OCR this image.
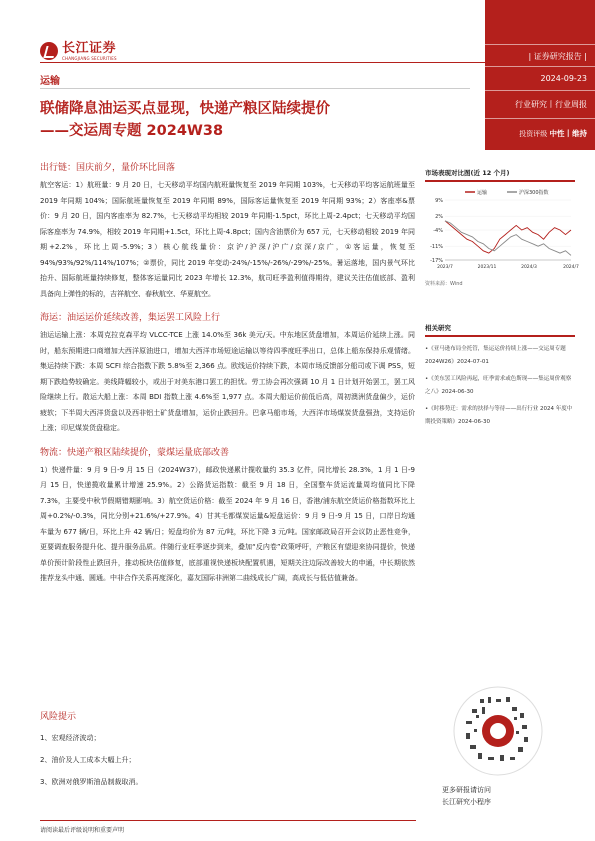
长江证券
CHANGJIANG SECURITIES
运输
联储降息油运买点显现，快递产粮区陆续提价
——交运周专题 2024W38
| 证券研究报告 |
2024-09-23
行业研究丨行业周报
投资评级 中性丨维持
出行链：国庆前夕，量价环比回落

航空客运：1）航班量：9 月 20 日，七天移动平均国内航班量恢复至 2019 年同期 103%，七天移动平均客运航班量至 2019 年同期 104%；国际航班量恢复至 2019 年同期 89%，国际客运量恢复至 2019 年同期 93%；2）客座率&票价：9 月 20 日，国内客座率为 82.7%，七天移动平均相较 2019 年同期-1.5pct，环比上周-2.4pct；七天移动平均国际客座率为 74.9%，相较 2019 年同期+1.5ct，环比上周-4.8pct；国内含油票价为 657 元，七天移动相较 2019 年同期+2.2%，环比上周-5.9%；3）核心航线量价：京沪/沪深/沪广/京深/京广，①客运量，恢复至 94%/93%/92%/114%/107%；②票价，同比 2019 年变动-24%/-15%/-26%/-29%/-25%。暑运落地，国内景气环比抬升、国际航班量持续修复，整体客运量同比 2023 年增长 12.3%，航司旺季盈利值得期待，建议关注估值底部、盈利具备向上弹性的标的，吉祥航空、春秋航空、华夏航空。

海运：油运运价延续改善，集运罢工风险上行

油运运输上涨：本周克拉克森平均 VLCC-TCE 上涨 14.0%至 36k 美元/天。中东地区货盘增加，本周运价延续上涨。同时，船东预期进口商增加大西洋原油进口，增加大西洋市场短途运输以等待四季度旺季出口，总体上船东保持乐观情绪。集运持续下跌：本周 SCFI 综合指数下跌 5.8%至 2,366 点。欧线运价持续下跌，本周市场反馈部分船司或下调 PSS，短期下跌趋势较确定。美线降幅较小，或出于对美东港口罢工的担忧。劳工协会再次强调 10 月 1 日计划开始罢工，罢工风险继续上行。散运大船上涨：本周 BDI 指数上涨 4.6%至 1,977 点。本周大船运价前低后高，周初澳洲货盘偏少，运价疲软；下半周大西洋货盘以及西非铝土矿货盘增加，运价止跌回升。巴拿马船市场，大西洋市场煤炭货盘强劲，支持运价上涨；印尼煤炭货盘稳定。

物流：快递产粮区陆续提价，蒙煤运量底部改善

1）快递件量：9 月 9 日-9 月 15 日（2024W37），邮政快递累计揽收量约 35.3 亿件，同比增长 28.3%，1 月 1 日-9 月 15 日，快递揽收量累计增速 25.9%。2）公路货运指数：截至 9 月 18 日，全国整车货运流量周均值同比下降 7.3%，主要受中秋节假期错期影响。3）航空货运价格：截至 2024 年 9 月 16 日，香港/浦东航空货运价格指数环比上周+0.2%/-0.3%，同比分别+21.6%/+27.9%。4）甘其毛都煤炭运量&短盘运价：9 月 9 日-9 月 15 日，口岸日均通车量为 677 辆/日，环比上升 42 辆/日；短盘均价为 87 元/吨，环比下降 3 元/吨。国家邮政局召开会议防止恶性竞争，更要调查服务提升化、提升服务品质。伴随行业旺季逐步到来，叠加“反内卷”政策呼吁，产粮区有望迎来协同提价，快递单价预计阶段性止跌回升，推动板块估值修复，底部重视快递板块配置机遇，短期关注边际改善较大的申通，中长期依然推荐龙头中通、圆通。中非合作关系再度深化，嘉友国际非洲第二曲线成长广阔，高成长与低估值兼备。

风险提示
1、宏观经济波动；
2、油价及人工成本大幅上升；
3、欧洲对俄罗斯油品制裁取消。
请阅读最后评级说明和重要声明
市场表现对比图(近 12 个月)
运输	沪深300指数
9%
2%
-4%
-11%
-17%
2023/7	2023/11	2024/3	2024/7
资料来源：Wind
相关研究
•《亚马逊布局全托管，集运运价持续上涨——交运周专题 2024W26》2024-07-01
•《美东罢工风险再起，旺季需求或色斯现——集运周价观察之八》2024-06-30
•《时移势迁：需求的扶择与等待——出行行业 2024 年度中期投资策略》2024-06-30
更多研报请访问
长江研究小程序
